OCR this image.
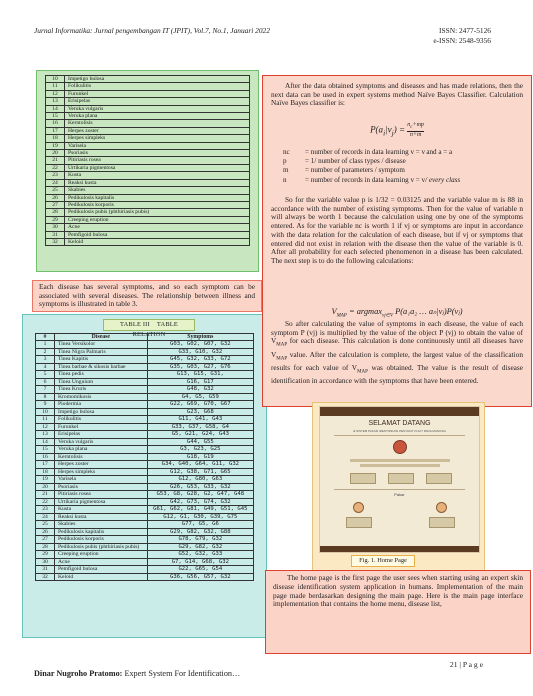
Jurnal Informatika: Jurnal pengembangan IT (JPIT), Vol.7, No.1, Januari 2022	ISSN: 2477-5126
e-ISSN: 2548-9356
10	Impetigo bulosa
11	Folikulitis
12	Furunkel
13	Erisipelas
14	Veruka vulgaris
15	Veruka plana
16	Kerntolisis
17	Herpes zoster
18	Herpes simpleks
19	Varisela
20	Psoriasis
21	Pitiriasis rosea
22	Urtikaria pigmentosa
23	Kusta
24	Reaksi kusta
25	Skabies
26	Pedikulosis kapitalis
27	Pedikulosis korporis
28	Pedikulosis pubis (phthiriasis pubis)
29	Creeping eruption
30	Acne
31	Pemfigoid bulosa
32	Keloid

Each disease has several symptoms, and so each symptom can be associated with several diseases. The relationship between illness and symptoms is illustrated in table 3.

TABLE III TABLE RELATION
#	Disease	Symptoms
1	Tinea Versikolor	G03, G02, G07, G32
2	Tinea Nigra Palmaris	G33, G10, G32
3	Tinea Kapitis	G45, G32, G33, G72
4	Tinea barbae & sikosis barbae	G35, G03, G27, G76
5	Tinea pedis	G13, G15, G31,
6	Tinea Unguium	G16, G17
7	Tinea Kruris	G48, G32
8	Kromomikosis	G4, G5, G59
9	Piodermia	G22, G69, G70, G67
10	Impetigo bulosa	G23, G68
11	Folikulitis	G11, G41, G43
12	Furunkel	G33, G37, G58, G4
13	Erisipelas	G5, G21, G24, G43
14	Veruka vulgaris	G44, G55
15	Veruka plana	G3, G23, G25
16	Kerntolisis	G18, G19
17	Herpes zoster	G34, G40, G64, G11, G32
18	Herpes simpleks	G12, G38, G71, G65
19	Varisela	G12, G80, G63
20	Psoriasis	G26, G53, G33, G32
21	Pitiriasis rosea	G53, G8, G28, G2, G47, G48
22	Urtikaria pigmentosa	G42, G73, G74, G32
23	Kusta	G61, G62, G81, G49, G51, G45
24	Reaksi kusta	G12, G1, G30, G39, G75
25	Skabies	G77, G5, G6
26	Pedikulosis kapitalis	G29, G82, G32, G88
27	Pedikulosis korporis	G78, G79, G32
28	Pedikulosis pubis (phthiriasis pubis)	G29, G82, G32
29	Creeping eruption	G52, G32, G33
30	Acne	G7, G14, G68, G32
31	Pemfigoid bulosa	G22, G65, G54
32	Keloid	G36, G56, G57, G32

After the data obtained symptoms and diseases and has made relations, then the next data can be used in expert systems method Naïve Bayes Classifier. Calculation Naïve Bayes classifier is:

$P(a_i|v_j) = \frac{n_c+mp}{n+m}$
nc	= number of records in data learning v = v
and a = a
p	= 1/ number of class types / disease
m	= number of parameters / symptom
n	= number of records in data learning v = v / every class

So for the variable value p is 1/32 = 0.03125 and the variable value m is 88 in accordance with the number of existing symptoms. Then for the value of variable n will always be worth 1 because the calculation using one by one of the symptoms entered. As for the variable nc is worth 1 if vj or symptoms are input in accordance with the data relation for the calculation of each disease, but if vj or symptoms that entered did not exist in relation with the disease then the value of the variable is 0. After all probability for each selected phenomenon in a disease has been calculated. The next step is to do the following calculations:

$V_{MAP} = argmax_{vj\in V}$ P(a₁a₂ … aₙ|vⱼ)P(vⱼ)

So after calculating the value of symptoms in each disease, the value of each symptom P (vj) is multiplied by the value of the object P (vj) to obtain the value of $V_{MAP}$ for each disease. This calculation is done continuously until all diseases have $V_{MAP}$ value. After the calculation is complete, the largest value of the classification results for each value of $V_{MAP}$ was obtained. The value is the result of disease identification in accordance with the symptoms that have been entered.

SELAMAT DATANG
di SISTEM PAKAR IDENTIFIKASI PENYAKIT KULIT PADA MANUSIA
Pakar
Fig. 1. Home Page

The home page is the first page the user sees when starting using an expert skin disease identification system application in humans. Implementation of the main page made berdasarkan designing the main page. Here is the main page interface implementation that contains the home menu, disease list,

Dinar Nugroho Pratomo: Expert System For Identification…
21 | P a g e
